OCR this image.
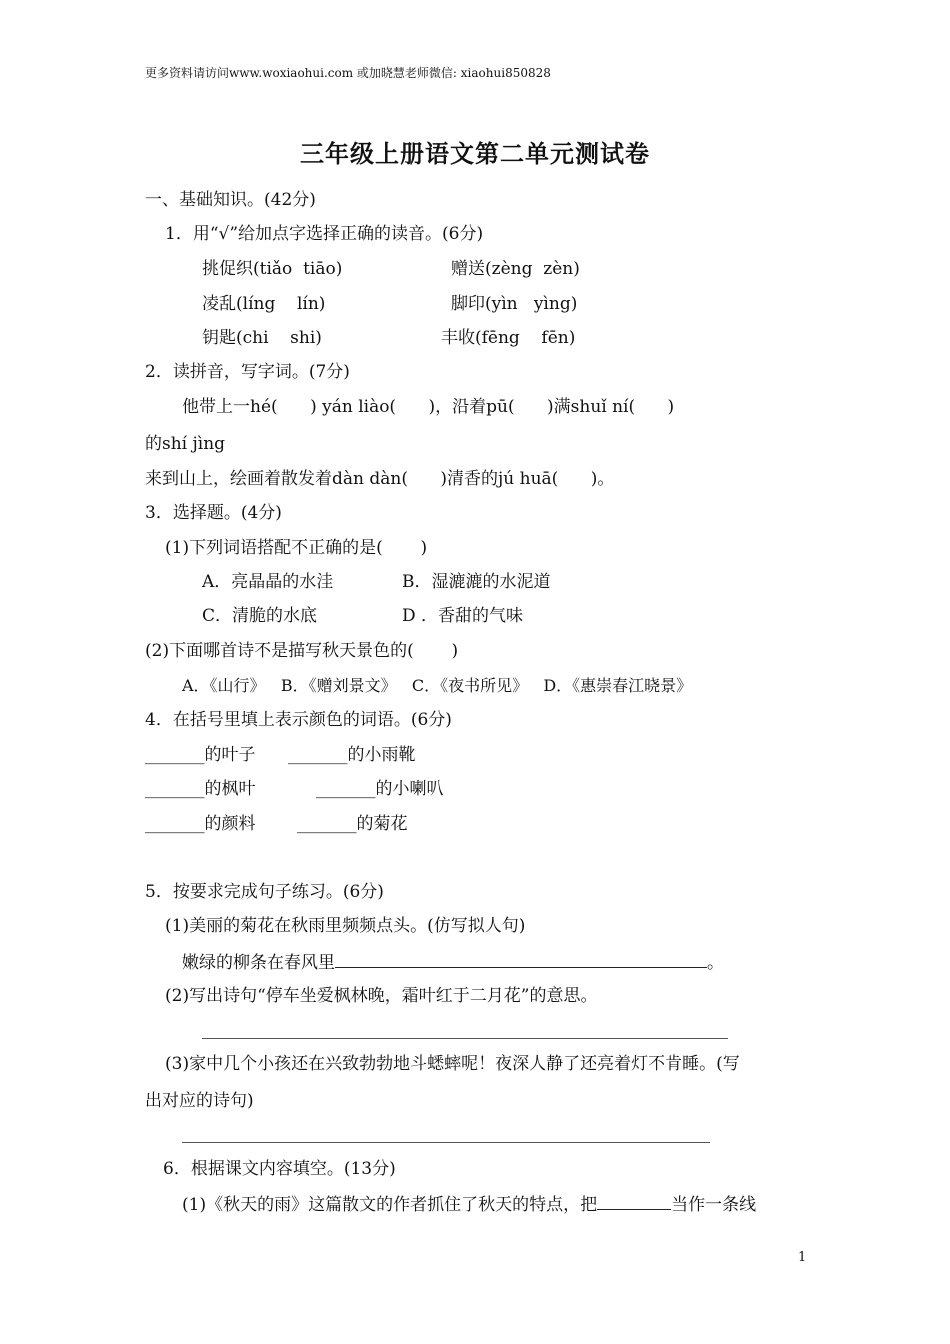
更多资料请访问www.woxiaohui.com 或加晓慧老师微信: xiaohui850828
三年级上册语文第二单元测试卷
一、基础知识。(42分)
1．用“√”给加点字选择正确的读音。(6分)
挑促织(tiǎo  tiāo)	赠送(zèng  zèn)
凌乱(líng    lín)	脚印(yìn   yìng)
钥匙(chi    shi)	丰收(fēng    fēn)
2．读拼音，写字词。(7分)
他带上一hé(      ) yán liào(      )，沿着pū(      )满shuǐ ní(      )
的shí jìng
来到山上，绘画着散发着dàn dàn(      )清香的jú huā(      )。
3．选择题。(4分)
(1)下列词语搭配不正确的是(       )
A．亮晶晶的水洼	B．湿漉漉的水泥道
C．清脆的水底	D ．香甜的气味
(2)下面哪首诗不是描写秋天景色的(       )
A．《山行》   B．《赠刘景文》   C．《夜书所见》   D．《惠崇春江晓景》
4．在括号里填上表示颜色的词语。(6分)
_______的叶子 _______的小雨靴
_______的枫叶	_______的小喇叭
_______的颜料 _______的菊花
5．按要求完成句子练习。(6分)
(1)美丽的菊花在秋雨里频频点头。(仿写拟人句)
嫩绿的柳条在春风里	。
(2)写出诗句“停车坐爱枫林晚，霜叶红于二月花”的意思。
(3)家中几个小孩还在兴致勃勃地斗蟋蟀呢！夜深人静了还亮着灯不肯睡。(写
出对应的诗句)
6．根据课文内容填空。(13分)
(1)《秋天的雨》这篇散文的作者抓住了秋天的特点，把	当作一条线
1
